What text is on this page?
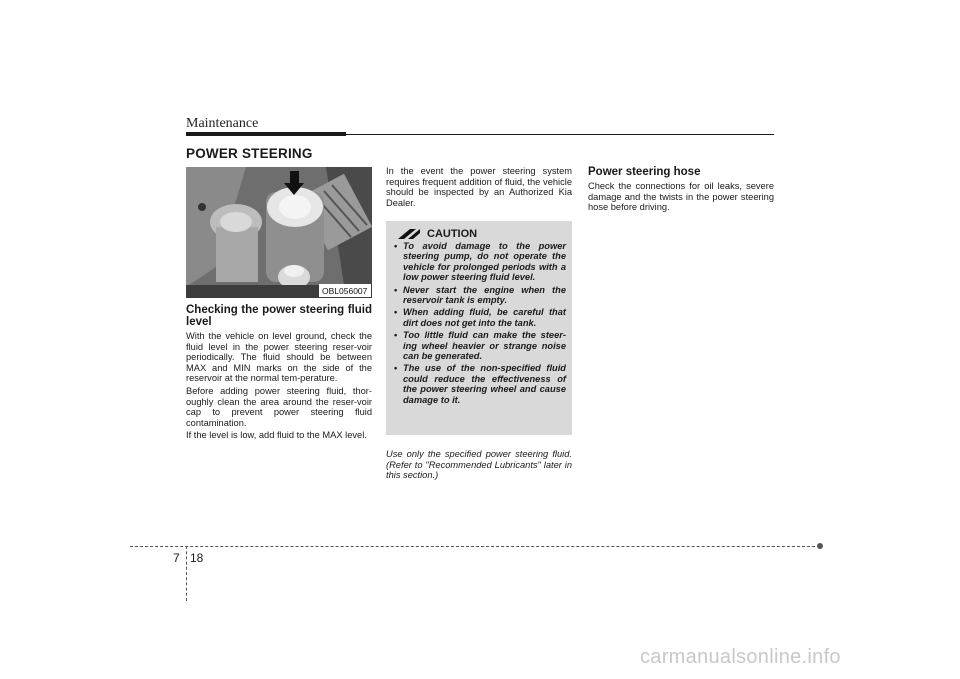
Maintenance
POWER STEERING
OBL056007
Checking the power steering fluid level

With the vehicle on level ground, check the fluid level in the power steering reser-voir periodically. The fluid should be between MAX and MIN marks on the side of the reservoir at the normal tem-perature.

Before adding power steering fluid, thor-oughly clean the area around the reser-voir cap to prevent power steering fluid contamination.

If the level is low, add fluid to the MAX level.

In the event the power steering system requires frequent addition of fluid, the vehicle should be inspected by an Authorized Kia Dealer.
CAUTION
• To avoid damage to the power steering pump, do not operate the vehicle for prolonged periods with a low power steering fluid level.
• Never start the engine when the reservoir tank is empty.
• When adding fluid, be careful that dirt does not get into the tank.
• Too little fluid can make the steer-ing wheel heavier or strange noise can be generated.
• The use of the non-specified fluid could reduce the effectiveness of the power steering wheel and cause damage to it.
Use only the specified power steering fluid. (Refer to "Recommended Lubricants" later in this section.)
Power steering hose

Check the connections for oil leaks, severe damage and the twists in the power steering hose before driving.

7 18
carmanualsonline.info
